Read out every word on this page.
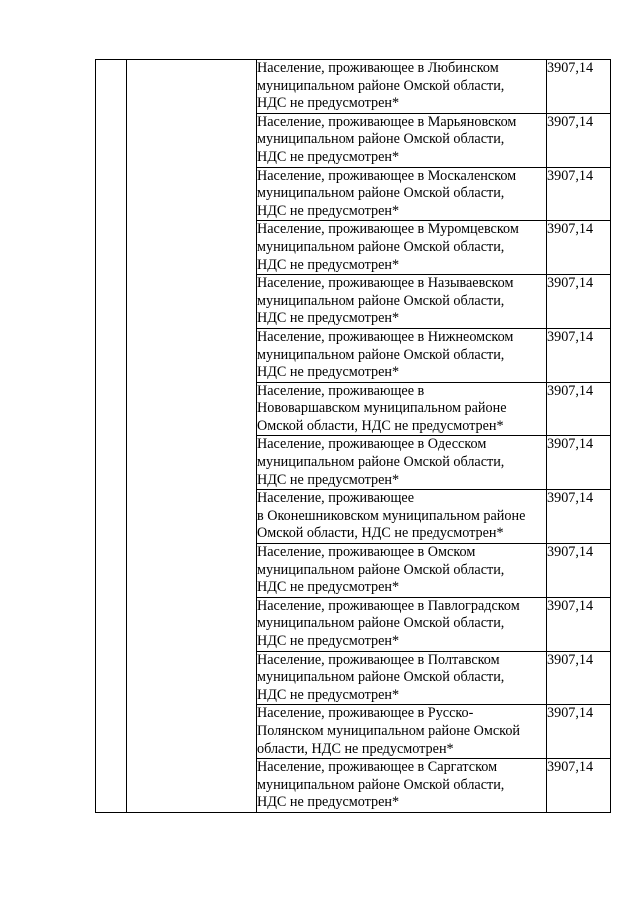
		Население, проживающее в Любинском
муниципальном районе Омской области,
НДС не предусмотрен*	3907,14

		Население, проживающее в Марьяновском
муниципальном районе Омской области,
НДС не предусмотрен*	3907,14

		Население, проживающее в Москаленском
муниципальном районе Омской области,
НДС не предусмотрен*	3907,14

		Население, проживающее в Муромцевском
муниципальном районе Омской области,
НДС не предусмотрен*	3907,14

		Население, проживающее в Называевском
муниципальном районе Омской области,
НДС не предусмотрен*	3907,14

		Население, проживающее в Нижнеомском
муниципальном районе Омской области,
НДС не предусмотрен*	3907,14

		Население, проживающее в
Нововаршавском муниципальном районе
Омской области, НДС не предусмотрен*	3907,14

		Население, проживающее в Одесском
муниципальном районе Омской области,
НДС не предусмотрен*	3907,14

		Население, проживающее
в Оконешниковском муниципальном районе
Омской области, НДС не предусмотрен*	3907,14

		Население, проживающее в Омском
муниципальном районе Омской области,
НДС не предусмотрен*	3907,14

		Население, проживающее в Павлоградском
муниципальном районе Омской области,
НДС не предусмотрен*	3907,14

		Население, проживающее в Полтавском
муниципальном районе Омской области,
НДС не предусмотрен*	3907,14

		Население, проживающее в Русско-
Полянском муниципальном районе Омской
области, НДС не предусмотрен*	3907,14

		Население, проживающее в Саргатском
муниципальном районе Омской области,
НДС не предусмотрен*	3907,14
